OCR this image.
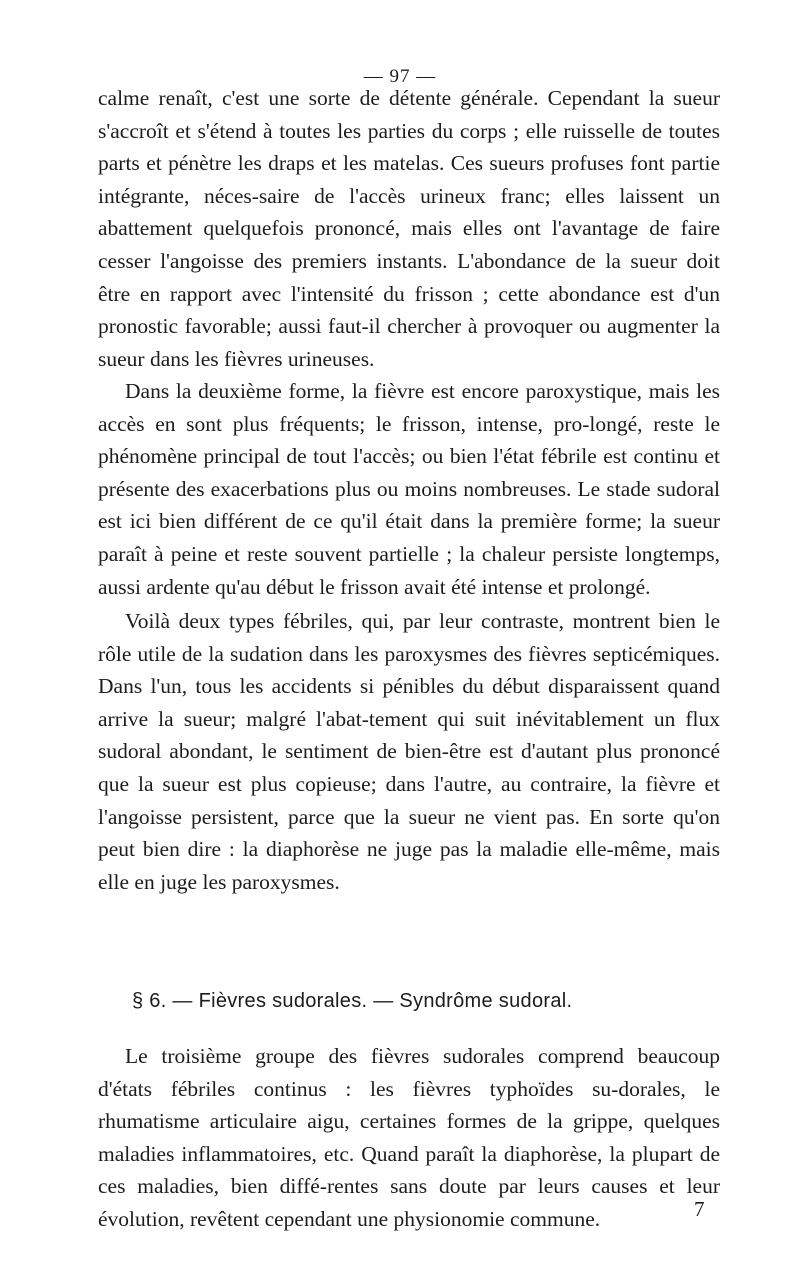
— 97 —

calme renaît, c'est une sorte de détente générale. Cependant la sueur s'accroît et s'étend à toutes les parties du corps ; elle ruisselle de toutes parts et pénètre les draps et les matelas. Ces sueurs profuses font partie intégrante, néces-saire de l'accès urineux franc; elles laissent un abattement quelquefois prononcé, mais elles ont l'avantage de faire cesser l'angoisse des premiers instants. L'abondance de la sueur doit être en rapport avec l'intensité du frisson ; cette abondance est d'un pronostic favorable; aussi faut-il chercher à provoquer ou augmenter la sueur dans les fièvres urineuses.

Dans la deuxième forme, la fièvre est encore paroxystique, mais les accès en sont plus fréquents; le frisson, intense, pro-longé, reste le phénomène principal de tout l'accès; ou bien l'état fébrile est continu et présente des exacerbations plus ou moins nombreuses. Le stade sudoral est ici bien différent de ce qu'il était dans la première forme; la sueur paraît à peine et reste souvent partielle ; la chaleur persiste longtemps, aussi ardente qu'au début le frisson avait été intense et prolongé.

Voilà deux types fébriles, qui, par leur contraste, montrent bien le rôle utile de la sudation dans les paroxysmes des fièvres septicémiques. Dans l'un, tous les accidents si pénibles du début disparaissent quand arrive la sueur; malgré l'abat-tement qui suit inévitablement un flux sudoral abondant, le sentiment de bien-être est d'autant plus prononcé que la sueur est plus copieuse; dans l'autre, au contraire, la fièvre et l'angoisse persistent, parce que la sueur ne vient pas. En sorte qu'on peut bien dire : la diaphorèse ne juge pas la maladie elle-même, mais elle en juge les paroxysmes.

§ 6. — Fièvres sudorales. — Syndrôme sudoral.

Le troisième groupe des fièvres sudorales comprend beaucoup d'états fébriles continus : les fièvres typhoïdes su-dorales, le rhumatisme articulaire aigu, certaines formes de la grippe, quelques maladies inflammatoires, etc. Quand paraît la diaphorèse, la plupart de ces maladies, bien diffé-rentes sans doute par leurs causes et leur évolution, revêtent cependant une physionomie commune.	7
